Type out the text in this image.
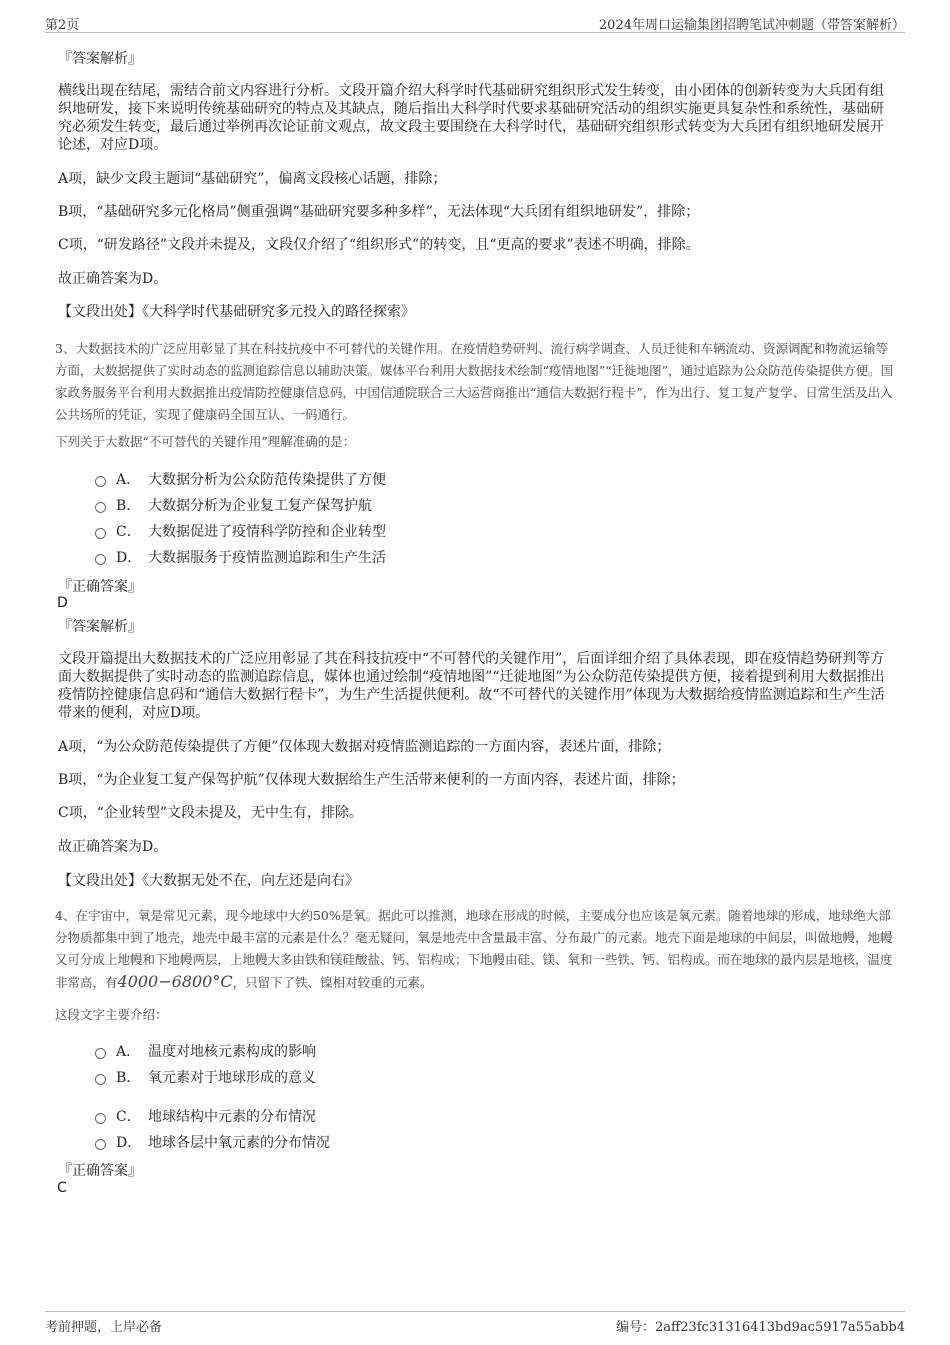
第2页	2024年周口运输集团招聘笔试冲刺题（带答案解析）
『答案解析』
横线出现在结尾，需结合前文内容进行分析。文段开篇介绍大科学时代基础研究组织形式发生转变，由小团体的创新转变为大兵团有组织地研发，接下来说明传统基础研究的特点及其缺点，随后指出大科学时代要求基础研究活动的组织实施更具复杂性和系统性，基础研究必须发生转变，最后通过举例再次论证前文观点，故文段主要围绕在大科学时代，基础研究组织形式转变为大兵团有组织地研发展开论述，对应D项。
A项，缺少文段主题词“基础研究”，偏离文段核心话题，排除；
B项，“基础研究多元化格局”侧重强调“基础研究要多种多样”，无法体现“大兵团有组织地研发”，排除；
C项，“研发路径”文段并未提及，文段仅介绍了“组织形式”的转变，且“更高的要求”表述不明确，排除。
故正确答案为D。
【文段出处】《大科学时代基础研究多元投入的路径探索》
3、大数据技术的广泛应用彰显了其在科技抗疫中不可替代的关键作用。在疫情趋势研判、流行病学调查、人员迁徙和车辆流动、资源调配和物流运输等方面，大数据提供了实时动态的监测追踪信息以辅助决策。媒体平台利用大数据技术绘制“疫情地图”“迁徙地图”，通过追踪为公众防范传染提供方便。国家政务服务平台利用大数据推出疫情防控健康信息码，中国信通院联合三大运营商推出“通信大数据行程卡”，作为出行、复工复产复学、日常生活及出入公共场所的凭证，实现了健康码全国互认、一码通行。
下列关于大数据“不可替代的关键作用”理解准确的是：
A． 大数据分析为公众防范传染提供了方便
B． 大数据分析为企业复工复产保驾护航
C． 大数据促进了疫情科学防控和企业转型
D． 大数据服务于疫情监测追踪和生产生活
『正确答案』
D
『答案解析』
文段开篇提出大数据技术的广泛应用彰显了其在科技抗疫中“不可替代的关键作用”，后面详细介绍了具体表现，即在疫情趋势研判等方面大数据提供了实时动态的监测追踪信息，媒体也通过绘制“疫情地图”“迁徙地图”为公众防范传染提供方便，接着提到利用大数据推出疫情防控健康信息码和“通信大数据行程卡”，为生产生活提供便利。故“不可替代的关键作用”体现为大数据给疫情监测追踪和生产生活带来的便利，对应D项。
A项，“为公众防范传染提供了方便”仅体现大数据对疫情监测追踪的一方面内容，表述片面，排除；
B项，“为企业复工复产保驾护航”仅体现大数据给生产生活带来便利的一方面内容，表述片面，排除；
C项，“企业转型”文段未提及，无中生有，排除。
故正确答案为D。
【文段出处】《大数据无处不在，向左还是向右》
4、在宇宙中，氧是常见元素，现今地球中大约50%是氧。据此可以推测，地球在形成的时候，主要成分也应该是氧元素。随着地球的形成，地球绝大部分物质都集中到了地壳，地壳中最丰富的元素是什么？毫无疑问，氧是地壳中含量最丰富、分布最广的元素。地壳下面是地球的中间层，叫做地幔，地幔又可分成上地幔和下地幔两层，上地幔大多由铁和镁硅酸盐、钙、铝构成；下地幔由硅、镁、氧和一些铁、钙、铝构成。而在地球的最内层是地核，温度非常高，有4000−6800°C，只留下了铁、镍相对较重的元素。
这段文字主要介绍：
A． 温度对地核元素构成的影响
B． 氧元素对于地球形成的意义
C． 地球结构中元素的分布情况
D． 地球各层中氧元素的分布情况
『正确答案』
C
考前押题，上岸必备	编号：2aff23fc31316413bd9ac5917a55abb4
